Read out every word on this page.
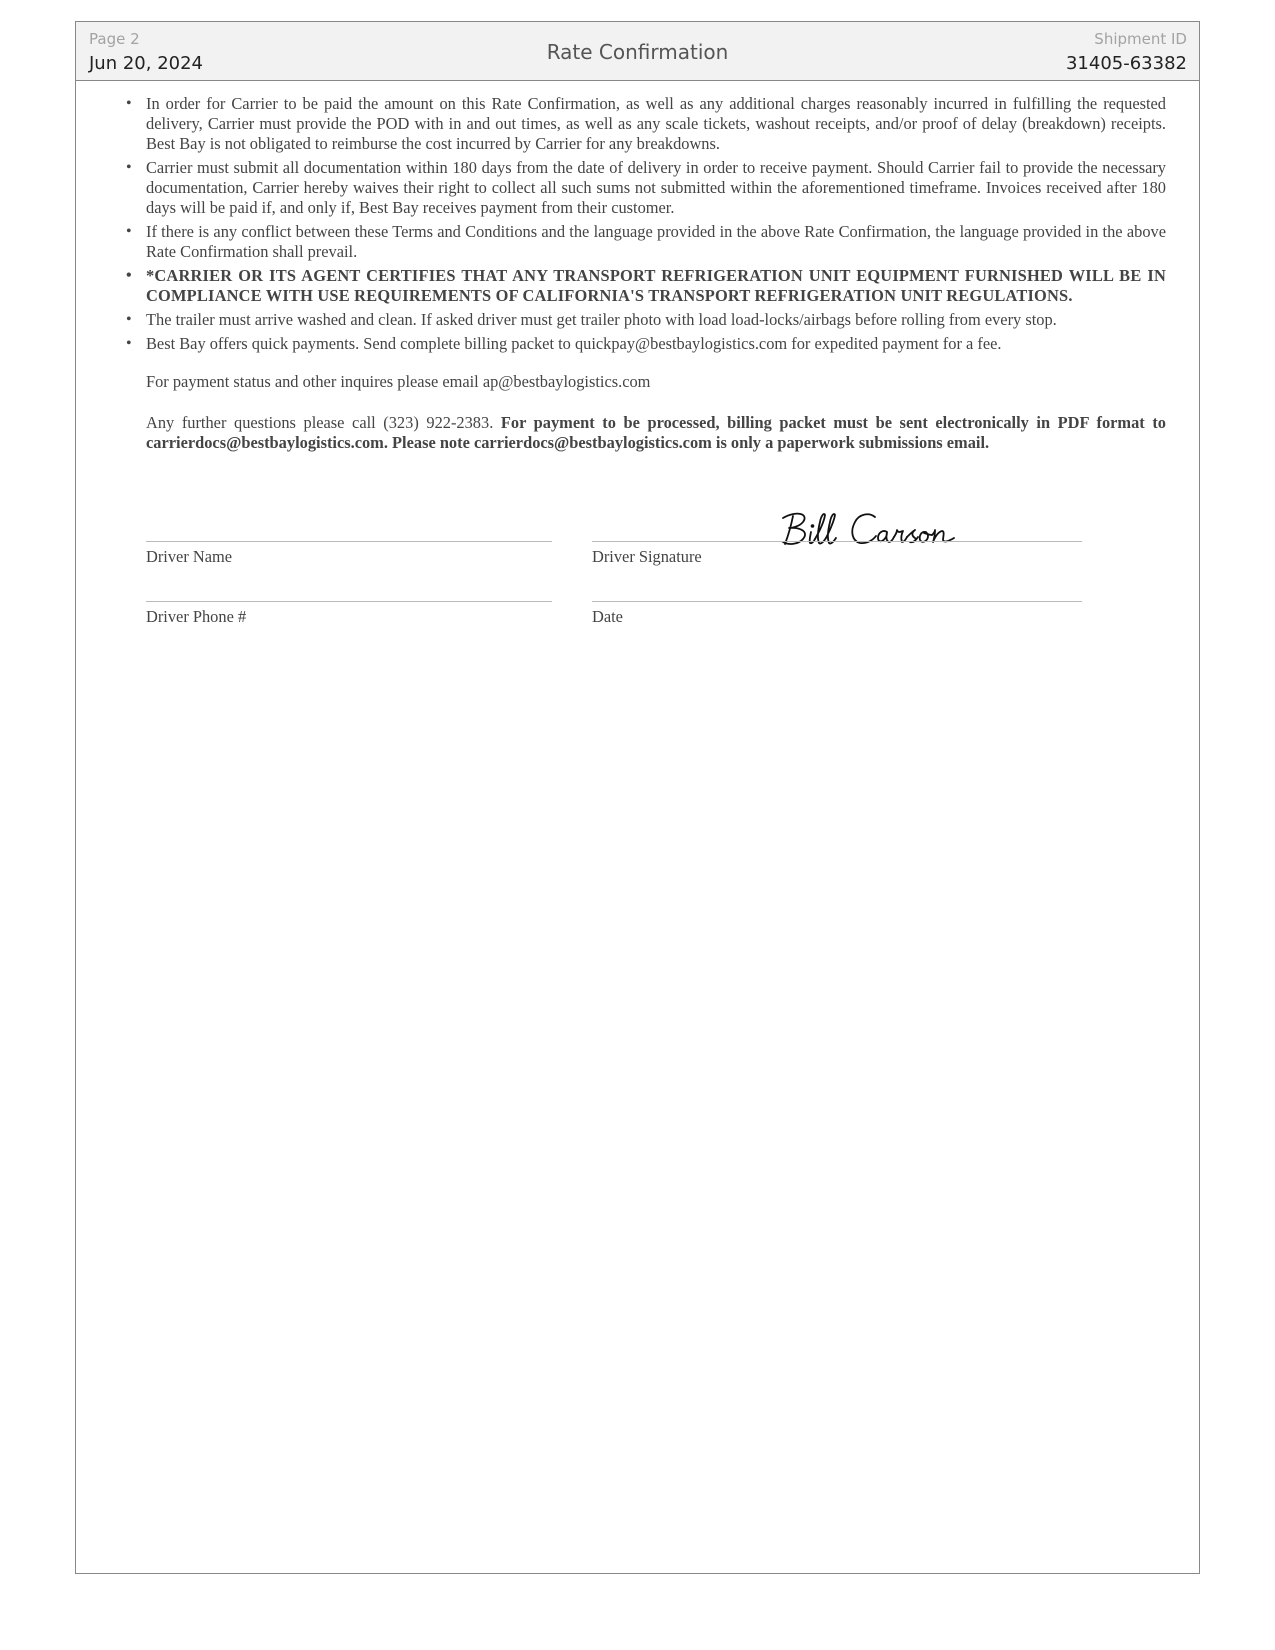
Page 2
Jun 20, 2024	Rate Confirmation
Shipment ID
31405-63382
• In order for Carrier to be paid the amount on this Rate Confirmation, as well as any additional charges reasonably incurred in fulfilling the requested delivery, Carrier must provide the POD with in and out times, as well as any scale tickets, washout receipts, and/or proof of delay (breakdown) receipts. Best Bay is not obligated to reimburse the cost incurred by Carrier for any breakdowns.
• Carrier must submit all documentation within 180 days from the date of delivery in order to receive payment. Should Carrier fail to provide the necessary documentation, Carrier hereby waives their right to collect all such sums not submitted within the aforementioned timeframe. Invoices received after 180 days will be paid if, and only if, Best Bay receives payment from their customer.
• If there is any conflict between these Terms and Conditions and the language provided in the above Rate Confirmation, the language provided in the above Rate Confirmation shall prevail.
• *CARRIER OR ITS AGENT CERTIFIES THAT ANY TRANSPORT REFRIGERATION UNIT EQUIPMENT FURNISHED WILL BE IN COMPLIANCE WITH USE REQUIREMENTS OF CALIFORNIA'S TRANSPORT REFRIGERATION UNIT REGULATIONS.
• The trailer must arrive washed and clean. If asked driver must get trailer photo with load load-locks/airbags before rolling from every stop.
• Best Bay offers quick payments. Send complete billing packet to quickpay@bestbaylogistics.com for expedited payment for a fee.

For payment status and other inquires please email ap@bestbaylogistics.com

Any further questions please call (323) 922-2383. For payment to be processed, billing packet must be sent electronically in PDF format to carrierdocs@bestbaylogistics.com. Please note carrierdocs@bestbaylogistics.com is only a paperwork submissions email.

Driver Name	Driver Signature
Driver Phone #	Date
